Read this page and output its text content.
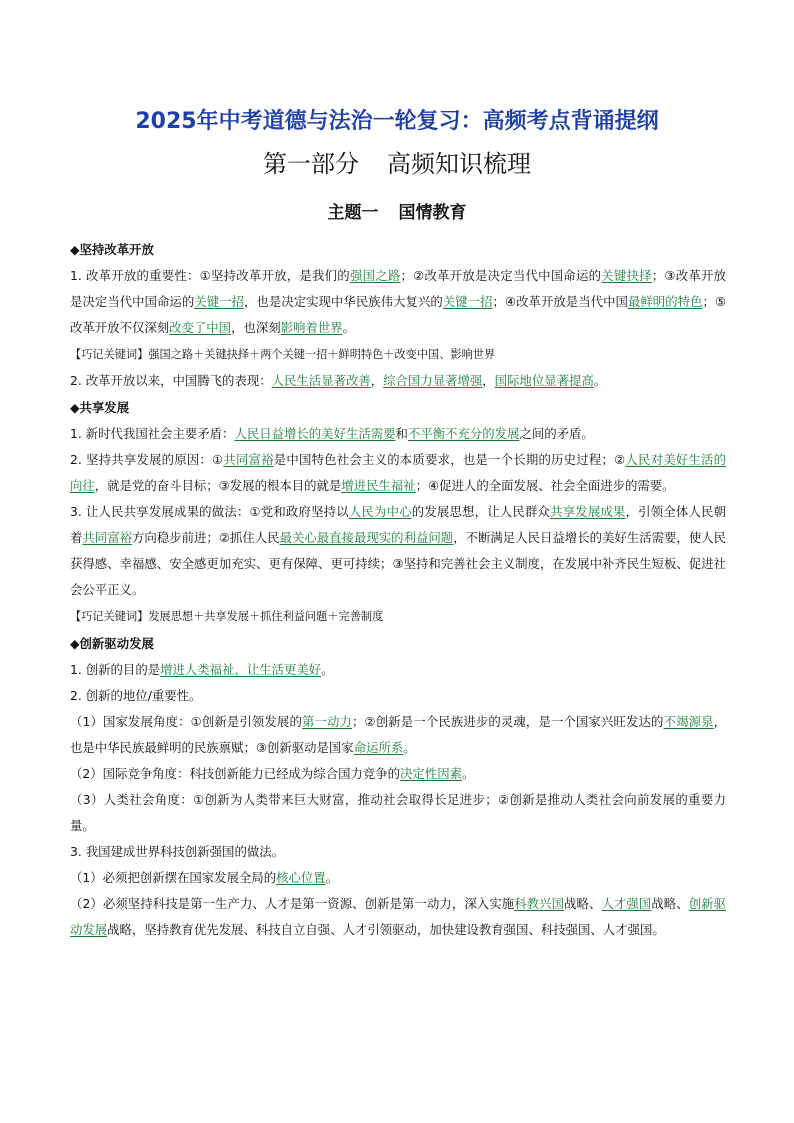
2025年中考道德与法治一轮复习：高频考点背诵提纲
第一部分 高频知识梳理
主题一 国情教育

◆坚持改革开放

1. 改革开放的重要性：①坚持改革开放，是我们的强国之路；②改革开放是决定当代中国命运的关键抉择；③改革开放是决定当代中国命运的关键一招，也是决定实现中华民族伟大复兴的关键一招；④改革开放是当代中国最鲜明的特色；⑤改革开放不仅深刻改变了中国，也深刻影响着世界。

【巧记关键词】强国之路＋关键抉择＋两个关键一招＋鲜明特色＋改变中国、影响世界

2. 改革开放以来，中国腾飞的表现：人民生活显著改善，综合国力显著增强，国际地位显著提高。

◆共享发展

1. 新时代我国社会主要矛盾：人民日益增长的美好生活需要和不平衡不充分的发展之间的矛盾。

2. 坚持共享发展的原因：①共同富裕是中国特色社会主义的本质要求，也是一个长期的历史过程；②人民对美好生活的向往，就是党的奋斗目标；③发展的根本目的就是增进民生福祉；④促进人的全面发展、社会全面进步的需要。

3. 让人民共享发展成果的做法：①党和政府坚持以人民为中心的发展思想，让人民群众共享发展成果，引领全体人民朝着共同富裕方向稳步前进；②抓住人民最关心最直接最现实的利益问题，不断满足人民日益增长的美好生活需要，使人民获得感、幸福感、安全感更加充实、更有保障、更可持续；③坚持和完善社会主义制度，在发展中补齐民生短板、促进社会公平正义。

【巧记关键词】发展思想＋共享发展＋抓住利益问题＋完善制度

◆创新驱动发展

1. 创新的目的是增进人类福祉，让生活更美好。

2. 创新的地位/重要性。

（1）国家发展角度：①创新是引领发展的第一动力；②创新是一个民族进步的灵魂，是一个国家兴旺发达的不竭源泉，也是中华民族最鲜明的民族禀赋；③创新驱动是国家命运所系。

（2）国际竞争角度：科技创新能力已经成为综合国力竞争的决定性因素。

（3）人类社会角度：①创新为人类带来巨大财富，推动社会取得长足进步；②创新是推动人类社会向前发展的重要力量。

3. 我国建成世界科技创新强国的做法。

（1）必须把创新摆在国家发展全局的核心位置。

（2）必须坚持科技是第一生产力、人才是第一资源、创新是第一动力，深入实施科教兴国战略、人才强国战略、创新驱动发展战略，坚持教育优先发展、科技自立自强、人才引领驱动，加快建设教育强国、科技强国、人才强国。
